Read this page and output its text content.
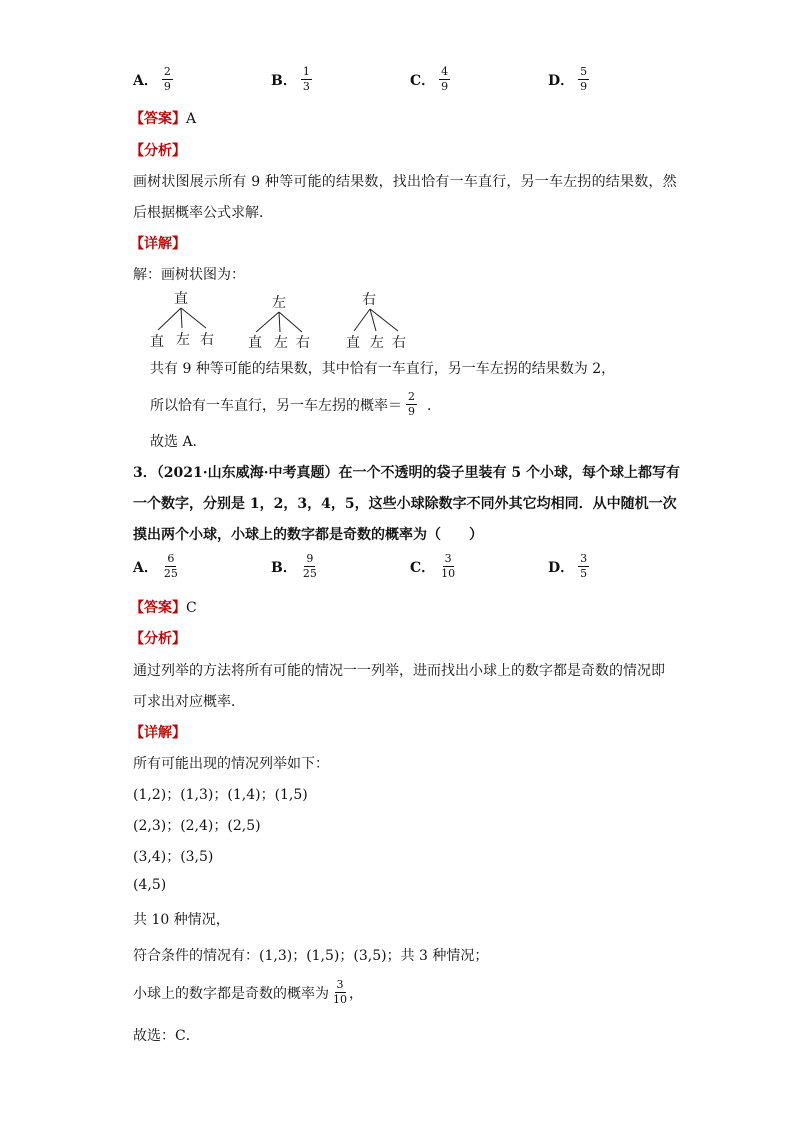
A． $\frac{2}{9}$	B． $\frac{1}{3}$	C． $\frac{4}{9}$	D． $\frac{5}{9}$
【答案】A
【分析】
画树状图展示所有 9 种等可能的结果数，找出恰有一车直行，另一车左拐的结果数，然
后根据概率公式求解．
【详解】
解：画树状图为：
直
直 左 右
左
直 左 右
右
直 左 右
共有 9 种等可能的结果数，其中恰有一车直行，另一车左拐的结果数为 2，
所以恰有一车直行，另一车左拐的概率＝ $\frac{2}{9}$ ．
故选 A．
3．（2021·山东威海·中考真题）在一个不透明的袋子里装有 5 个小球，每个球上都写有
一个数字，分别是 1，2，3，4，5，这些小球除数字不同外其它均相同．从中随机一次
摸出两个小球，小球上的数字都是奇数的概率为（　　）
A． $\frac{6}{25}$	B． $\frac{9}{25}$	C． $\frac{3}{10}$	D． $\frac{3}{5}$
【答案】C
【分析】
通过列举的方法将所有可能的情况一一列举，进而找出小球上的数字都是奇数的情况即
可求出对应概率．
【详解】
所有可能出现的情况列举如下：
(1,2)；(1,3)；(1,4)；(1,5)
(2,3)；(2,4)；(2,5)
(3,4)；(3,5)
(4,5)
共 10 种情况，
符合条件的情况有：(1,3)；(1,5)；(3,5)；共 3 种情况；
小球上的数字都是奇数的概率为 $\frac{3}{10}$ ，
故选：C．
